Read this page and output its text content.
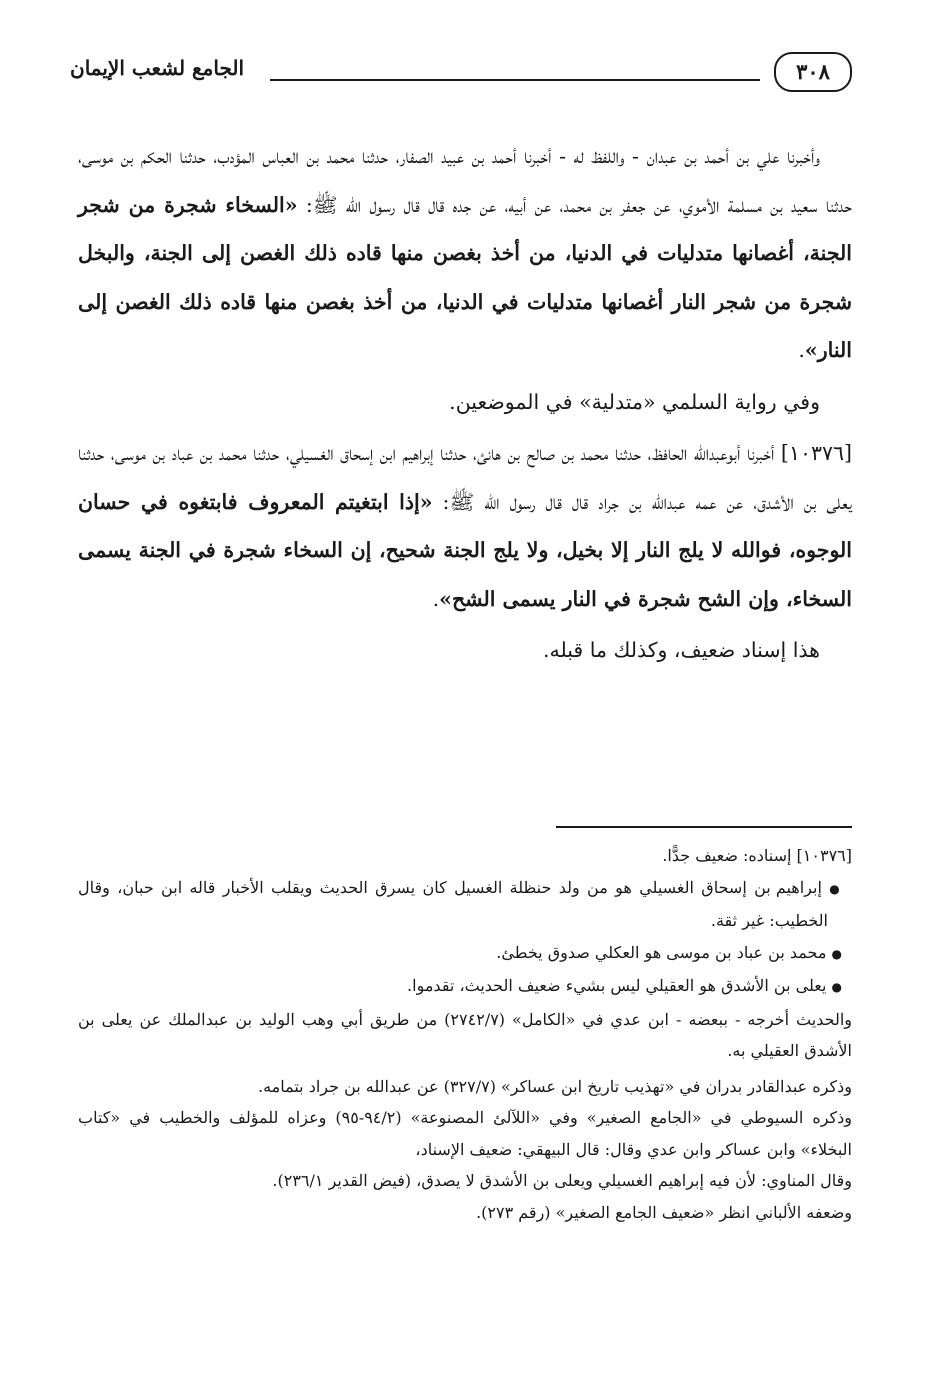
٣٠٨
الجامع لشعب الإيمان

وأخبرنا علي بن أحمد بن عبدان - واللفظ له - أخبرنا أحمد بن عبيد الصفار، حدثنا محمد بن العباس المؤدب، حدثنا الحكم بن موسى، حدثنا سعيد بن مسلمة الأموي، عن جعفر بن محمد، عن أبيه، عن جده قال قال رسول الله ﷺ: «السخاء شجرة من شجر الجنة، أغصانها متدليات في الدنيا، من أخذ بغصن منها قاده ذلك الغصن إلى الجنة، والبخل شجرة من شجر النار أغصانها متدليات في الدنيا، من أخذ بغصن منها قاده ذلك الغصن إلى النار».

وفي رواية السلمي «متدلية» في الموضعين.

[١٠٣٧٦] أخبرنا أبوعبدالله الحافظ، حدثنا محمد بن صالح بن هانئ، حدثنا إبراهيم ابن إسحاق الغسيلي، حدثنا محمد بن عباد بن موسى، حدثنا يعلى بن الأشدق، عن عمه عبدالله بن جراد قال قال رسول الله ﷺ: «إذا ابتغيتم المعروف فابتغوه في حسان الوجوه، فوالله لا يلج النار إلا بخيل، ولا يلج الجنة شحيح، إن السخاء شجرة في الجنة يسمى السخاء، وإن الشح شجرة في النار يسمى الشح».

هذا إسناد ضعيف، وكذلك ما قبله.

[١٠٣٧٦] إسناده: ضعيف جدًّا.

● إبراهيم بن إسحاق الغسيلي هو من ولد حنظلة الغسيل كان يسرق الحديث ويقلب الأخبار قاله ابن حبان، وقال الخطيب: غير ثقة.

● محمد بن عباد بن موسى هو العكلي صدوق يخطئ.

● يعلى بن الأشدق هو العقيلي ليس بشيء ضعيف الحديث، تقدموا.

والحديث أخرجه - ببعضه - ابن عدي في «الكامل» (٢٧٤٢/٧) من طريق أبي وهب الوليد بن عبدالملك عن يعلى بن الأشدق العقيلي به.

وذكره عبدالقادر بدران في «تهذيب تاريخ ابن عساكر» (٣٢٧/٧) عن عبدالله بن جراد بتمامه.

وذكره السيوطي في «الجامع الصغير» وفي «اللآلئ المصنوعة» (٩٤/٢-٩٥) وعزاه للمؤلف والخطيب في «كتاب البخلاء» وابن عساكر وابن عدي وقال: قال البيهقي: ضعيف الإسناد،

وقال المناوي: لأن فيه إبراهيم الغسيلي ويعلى بن الأشدق لا يصدق، (فيض القدير ٢٣٦/١).

وضعفه الألباني انظر «ضعيف الجامع الصغير» (رقم ٢٧٣).
